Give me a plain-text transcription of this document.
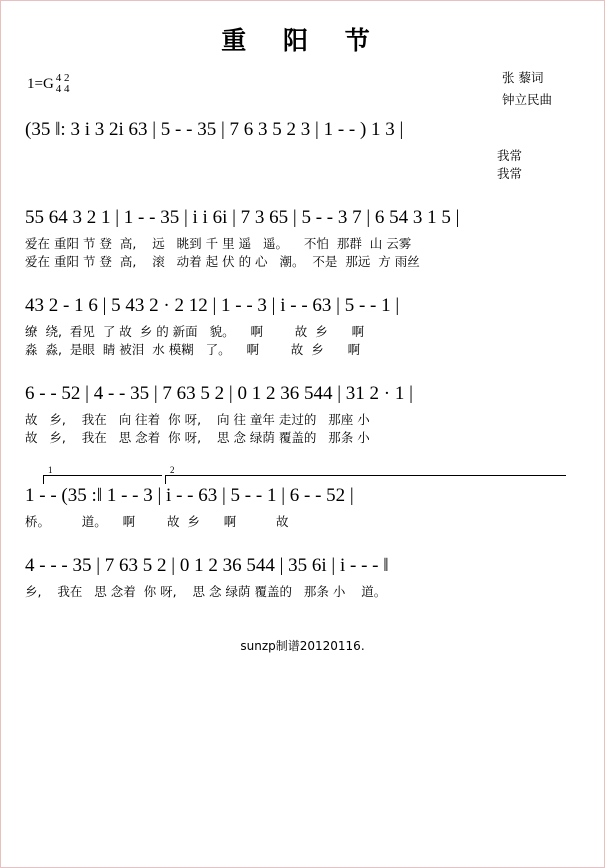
重 阳 节
1=G 4 2
4 4
张 藜词
钟立民曲
(35 ‖: 3 i 3 2i 63 | 5 - - 35 | 7 6 3 5 2 3 | 1 - - ) 1 3 |
我常
我常
55 64 3 2 1 | 1 - - 35 | i i 6i | 7 3 65 | 5 - - 3 7 | 6 54 3 1 5 |
爱在 重阳 节 登  高,    远   眺到 千 里 遥   遥。    不怕  那群  山 云雾
爱在 重阳 节 登  高,    滚   动着 起 伏 的 心   潮。  不是  那远  方 雨丝
43 2 - 1 6 | 5 43 2 · 2 12 | 1 - - 3 | i - - 63 | 5 - - 1 |
缭  绕,  看见  了 故  乡 的 新面   貌。    啊        故  乡      啊
淼  淼,  是眼  睛 被泪  水 模糊   了。    啊        故  乡      啊
6 - - 52 | 4 - - 35 | 7 63 5 2 | 0 1 2 36 544 | 31 2 · 1 |
故   乡,    我在   向 往着  你 呀,    向 往 童年 走过的   那座 小
故   乡,    我在   思 念着  你 呀,    思 念 绿荫 覆盖的   那条 小
1	2
1 - - (35 :‖ 1 - - 3 | i - - 63 | 5 - - 1 | 6 - - 52 |
桥。        道。    啊        故  乡      啊          故
4 - - - 35 | 7 63 5 2 | 0 1 2 36 544 | 35 6i | i - - - ‖
乡,    我在   思 念着  你 呀,    思 念 绿荫 覆盖的   那条 小    道。
sunzp制谱20120116.
